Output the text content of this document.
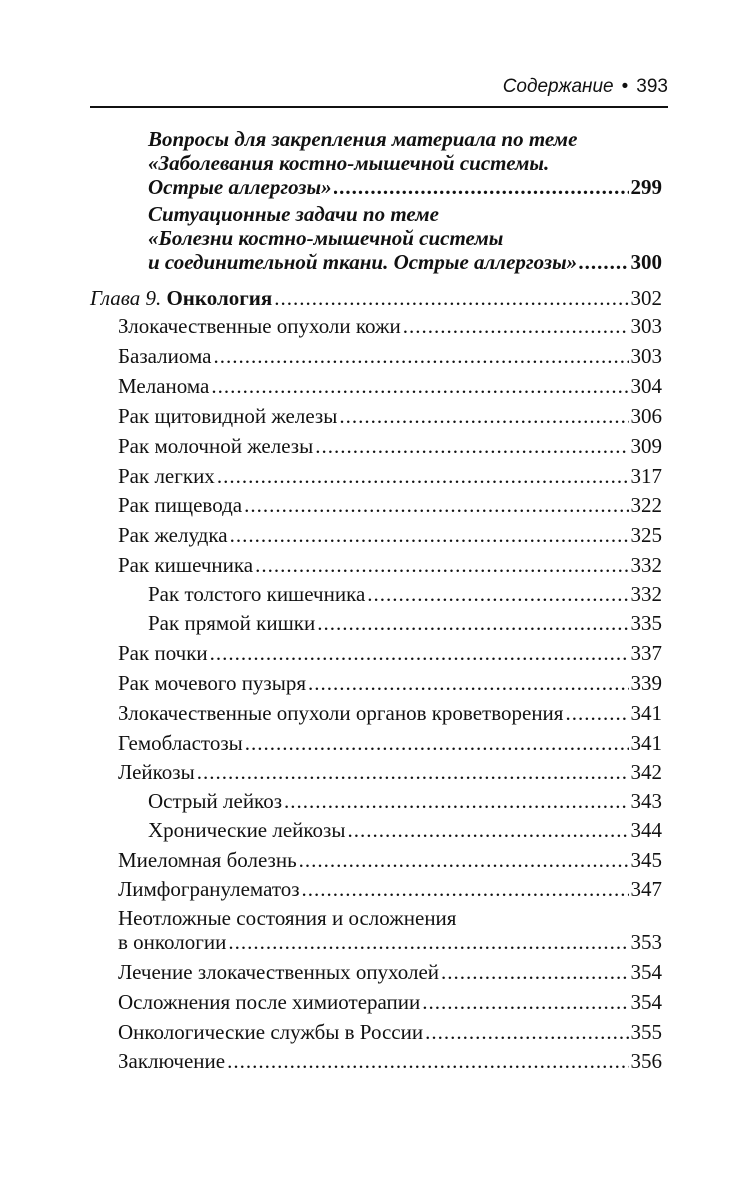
Содержание • 393
Вопросы для закрепления материала по теме
«Заболевания костно-мышечной системы.
Острые аллергозы» .....	299
Ситуационные задачи по теме
«Болезни костно-мышечной системы
и соединительной ткани. Острые аллергозы» .....	300
Глава 9. Онкология .....	302
Злокачественные опухоли кожи .....	303
Базалиома .....	303
Меланома .....	304
Рак щитовидной железы .....	306
Рак молочной железы .....	309
Рак легких .....	317
Рак пищевода .....	322
Рак желудка .....	325
Рак кишечника .....	332
Рак толстого кишечника .....	332
Рак прямой кишки .....	335
Рак почки .....	337
Рак мочевого пузыря .....	339
Злокачественные опухоли органов кроветворения .....	341
Гемобластозы .....	341
Лейкозы .....	342
Острый лейкоз .....	343
Хронические лейкозы .....	344
Миеломная болезнь .....	345
Лимфогранулематоз .....	347
Неотложные состояния и осложнения
в онкологии .....	353
Лечение злокачественных опухолей .....	354
Осложнения после химиотерапии .....	354
Онкологические службы в России .....	355
Заключение .....	356
